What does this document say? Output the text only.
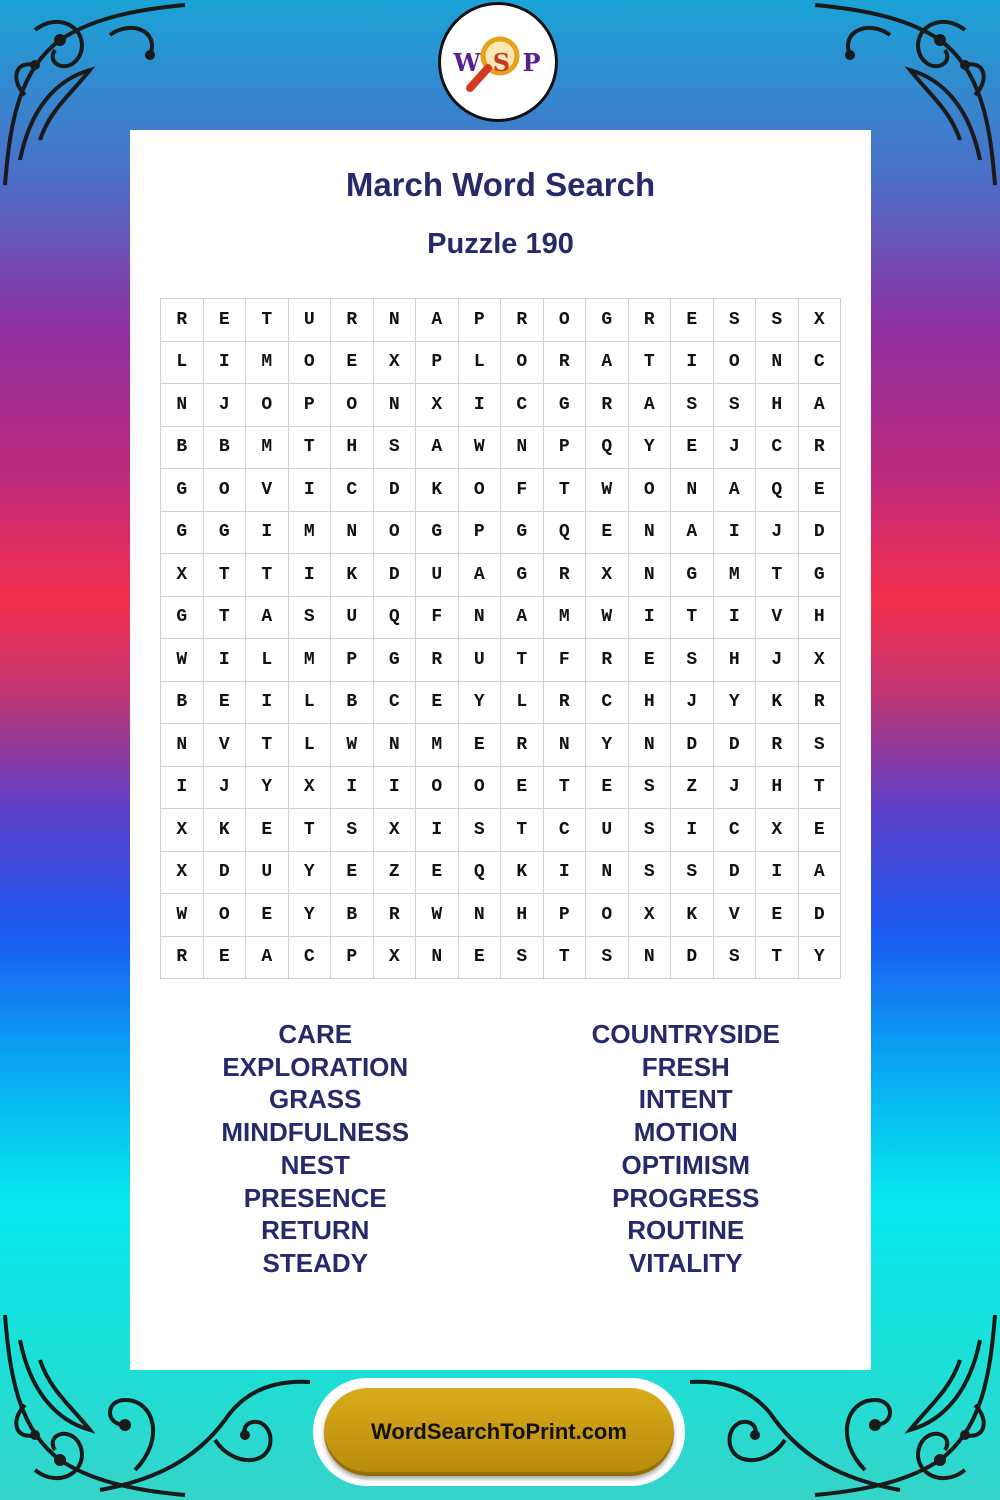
W S P
March Word Search
Puzzle 190
R	E	T	U	R	N	A	P	R	O	G	R	E	S	S	X
L	I	M	O	E	X	P	L	O	R	A	T	I	O	N	C
N	J	O	P	O	N	X	I	C	G	R	A	S	S	H	A
B	B	M	T	H	S	A	W	N	P	Q	Y	E	J	C	R
G	O	V	I	C	D	K	O	F	T	W	O	N	A	Q	E
G	G	I	M	N	O	G	P	G	Q	E	N	A	I	J	D
X	T	T	I	K	D	U	A	G	R	X	N	G	M	T	G
G	T	A	S	U	Q	F	N	A	M	W	I	T	I	V	H
W	I	L	M	P	G	R	U	T	F	R	E	S	H	J	X
B	E	I	L	B	C	E	Y	L	R	C	H	J	Y	K	R
N	V	T	L	W	N	M	E	R	N	Y	N	D	D	R	S
I	J	Y	X	I	I	O	O	E	T	E	S	Z	J	H	T
X	K	E	T	S	X	I	S	T	C	U	S	I	C	X	E
X	D	U	Y	E	Z	E	Q	K	I	N	S	S	D	I	A
W	O	E	Y	B	R	W	N	H	P	O	X	K	V	E	D
R	E	A	C	P	X	N	E	S	T	S	N	D	S	T	Y
CARE
EXPLORATION
GRASS
MINDFULNESS
NEST
PRESENCE
RETURN
STEADY
COUNTRYSIDE
FRESH
INTENT
MOTION
OPTIMISM
PROGRESS
ROUTINE
VITALITY
WordSearchToPrint.com
